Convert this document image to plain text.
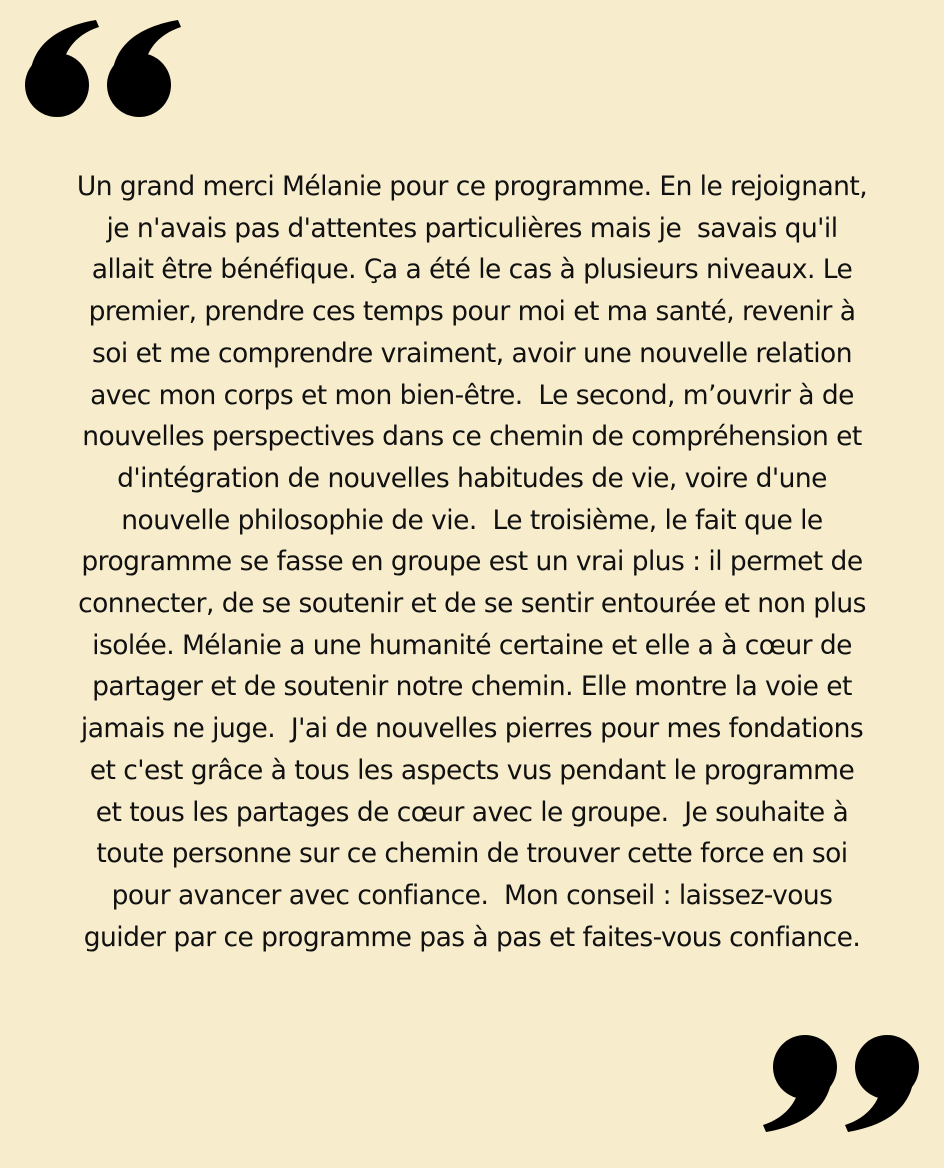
Un grand merci Mélanie pour ce programme. En le rejoignant,
je n'avais pas d'attentes particulières mais je  savais qu'il
allait être bénéfique. Ça a été le cas à plusieurs niveaux. Le
premier, prendre ces temps pour moi et ma santé, revenir à
soi et me comprendre vraiment, avoir une nouvelle relation
avec mon corps et mon bien-être.  Le second, m’ouvrir à de
nouvelles perspectives dans ce chemin de compréhension et
d'intégration de nouvelles habitudes de vie, voire d'une
nouvelle philosophie de vie.  Le troisième, le fait que le
programme se fasse en groupe est un vrai plus : il permet de
connecter, de se soutenir et de se sentir entourée et non plus
isolée. Mélanie a une humanité certaine et elle a à cœur de
partager et de soutenir notre chemin. Elle montre la voie et
jamais ne juge.  J'ai de nouvelles pierres pour mes fondations
et c'est grâce à tous les aspects vus pendant le programme
et tous les partages de cœur avec le groupe.  Je souhaite à
toute personne sur ce chemin de trouver cette force en soi
pour avancer avec confiance.  Mon conseil : laissez-vous
guider par ce programme pas à pas et faites-vous confiance.
